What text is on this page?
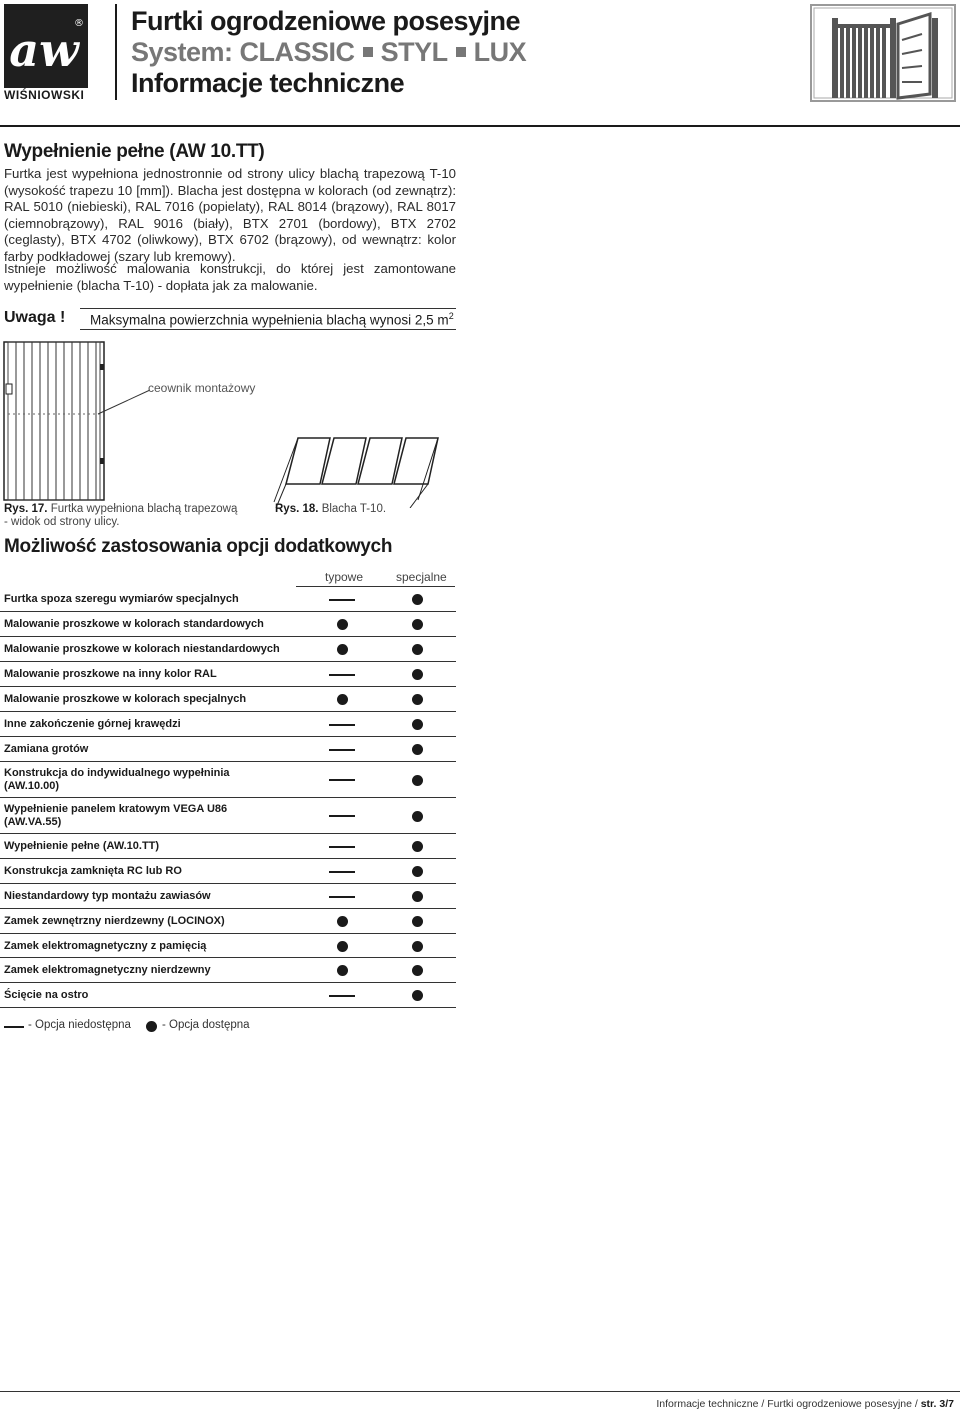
aw
®
WIŚNIOWSKI
Furtki ogrodzeniowe posesyjne
System: CLASSIC STYL LUX
Informacje techniczne
Wypełnienie pełne (AW 10.TT)
Furtka jest wypełniona jednostronnie od strony ulicy blachą trapezową T-10 (wysokość trapezu 10 [mm]). Blacha jest dostępna w kolorach (od zewnątrz): RAL 5010 (niebieski), RAL 7016 (popielaty), RAL 8014 (brązowy), RAL 8017 (ciemnobrązowy), RAL 9016 (biały), BTX 2701 (bordowy), BTX 2702 (ceglasty), BTX 4702 (oliwkowy), BTX 6702 (brązowy), od wewnątrz: kolor farby podkładowej (szary lub kremowy).
Istnieje możliwość malowania konstrukcji, do której jest zamontowane wypełnienie (blacha T-10) - dopłata jak za malowanie.
Uwaga ! Maksymalna powierzchnia wypełnienia blachą wynosi 2,5 $m^2$
ceownik montażowy
Rys. 17. Furtka wypełniona blachą trapezową
- widok od strony ulicy.
Rys. 18. Blacha T-10.
Możliwość zastosowania opcji dodatkowych
typowe	specjalne
Furtka spoza szeregu wymiarów specjalnych
Malowanie proszkowe w kolorach standardowych
Malowanie proszkowe w kolorach niestandardowych
Malowanie proszkowe na inny kolor RAL
Malowanie proszkowe w kolorach specjalnych
Inne zakończenie górnej krawędzi
Zamiana grotów
Konstrukcja do indywidualnego wypełninia (AW.10.00)
Wypełnienie panelem kratowym VEGA U86 (AW.VA.55)
Wypełnienie pełne (AW.10.TT)
Konstrukcja zamknięta RC lub RO
Niestandardowy typ montażu zawiasów
Zamek zewnętrzny nierdzewny (LOCINOX)
Zamek elektromagnetyczny z pamięcią
Zamek elektromagnetyczny nierdzewny
Ścięcie na ostro
- Opcja niedostępna	- Opcja dostępna
Informacje techniczne / Furtki ogrodzeniowe posesyjne / str. 3/7
